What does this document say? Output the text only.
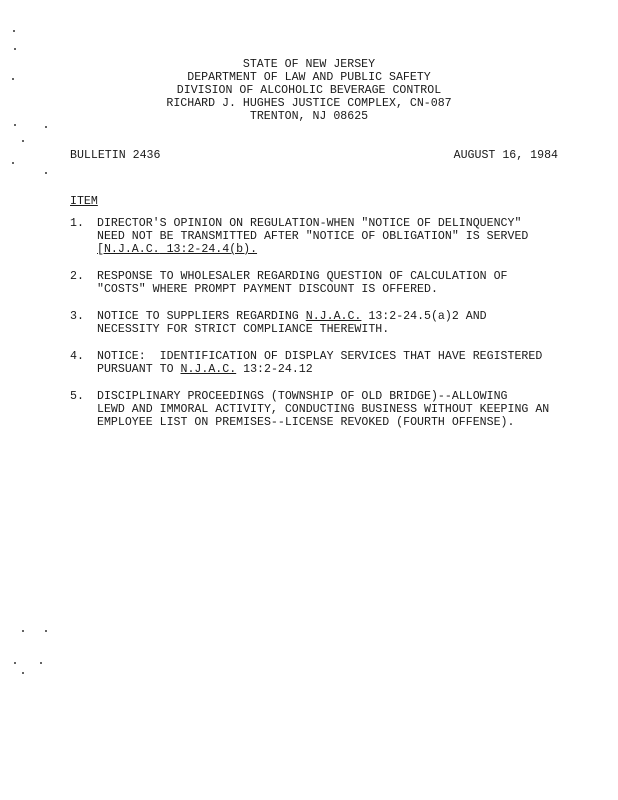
STATE OF NEW JERSEY
DEPARTMENT OF LAW AND PUBLIC SAFETY
DIVISION OF ALCOHOLIC BEVERAGE CONTROL
RICHARD J. HUGHES JUSTICE COMPLEX, CN-087
TRENTON, NJ 08625
BULLETIN 2436	AUGUST 16, 1984
ITEM
1. DIRECTOR'S OPINION ON REGULATION-WHEN "NOTICE OF DELINQUENCY"
NEED NOT BE TRANSMITTED AFTER "NOTICE OF OBLIGATION" IS SERVED
[N.J.A.C. 13:2-24.4(b).
2. RESPONSE TO WHOLESALER REGARDING QUESTION OF CALCULATION OF
"COSTS" WHERE PROMPT PAYMENT DISCOUNT IS OFFERED.
3. NOTICE TO SUPPLIERS REGARDING N.J.A.C. 13:2-24.5(a)2 AND
NECESSITY FOR STRICT COMPLIANCE THEREWITH.
4. NOTICE:  IDENTIFICATION OF DISPLAY SERVICES THAT HAVE REGISTERED
PURSUANT TO N.J.A.C. 13:2-24.12
5. DISCIPLINARY PROCEEDINGS (TOWNSHIP OF OLD BRIDGE)--ALLOWING
LEWD AND IMMORAL ACTIVITY, CONDUCTING BUSINESS WITHOUT KEEPING AN
EMPLOYEE LIST ON PREMISES--LICENSE REVOKED (FOURTH OFFENSE).
